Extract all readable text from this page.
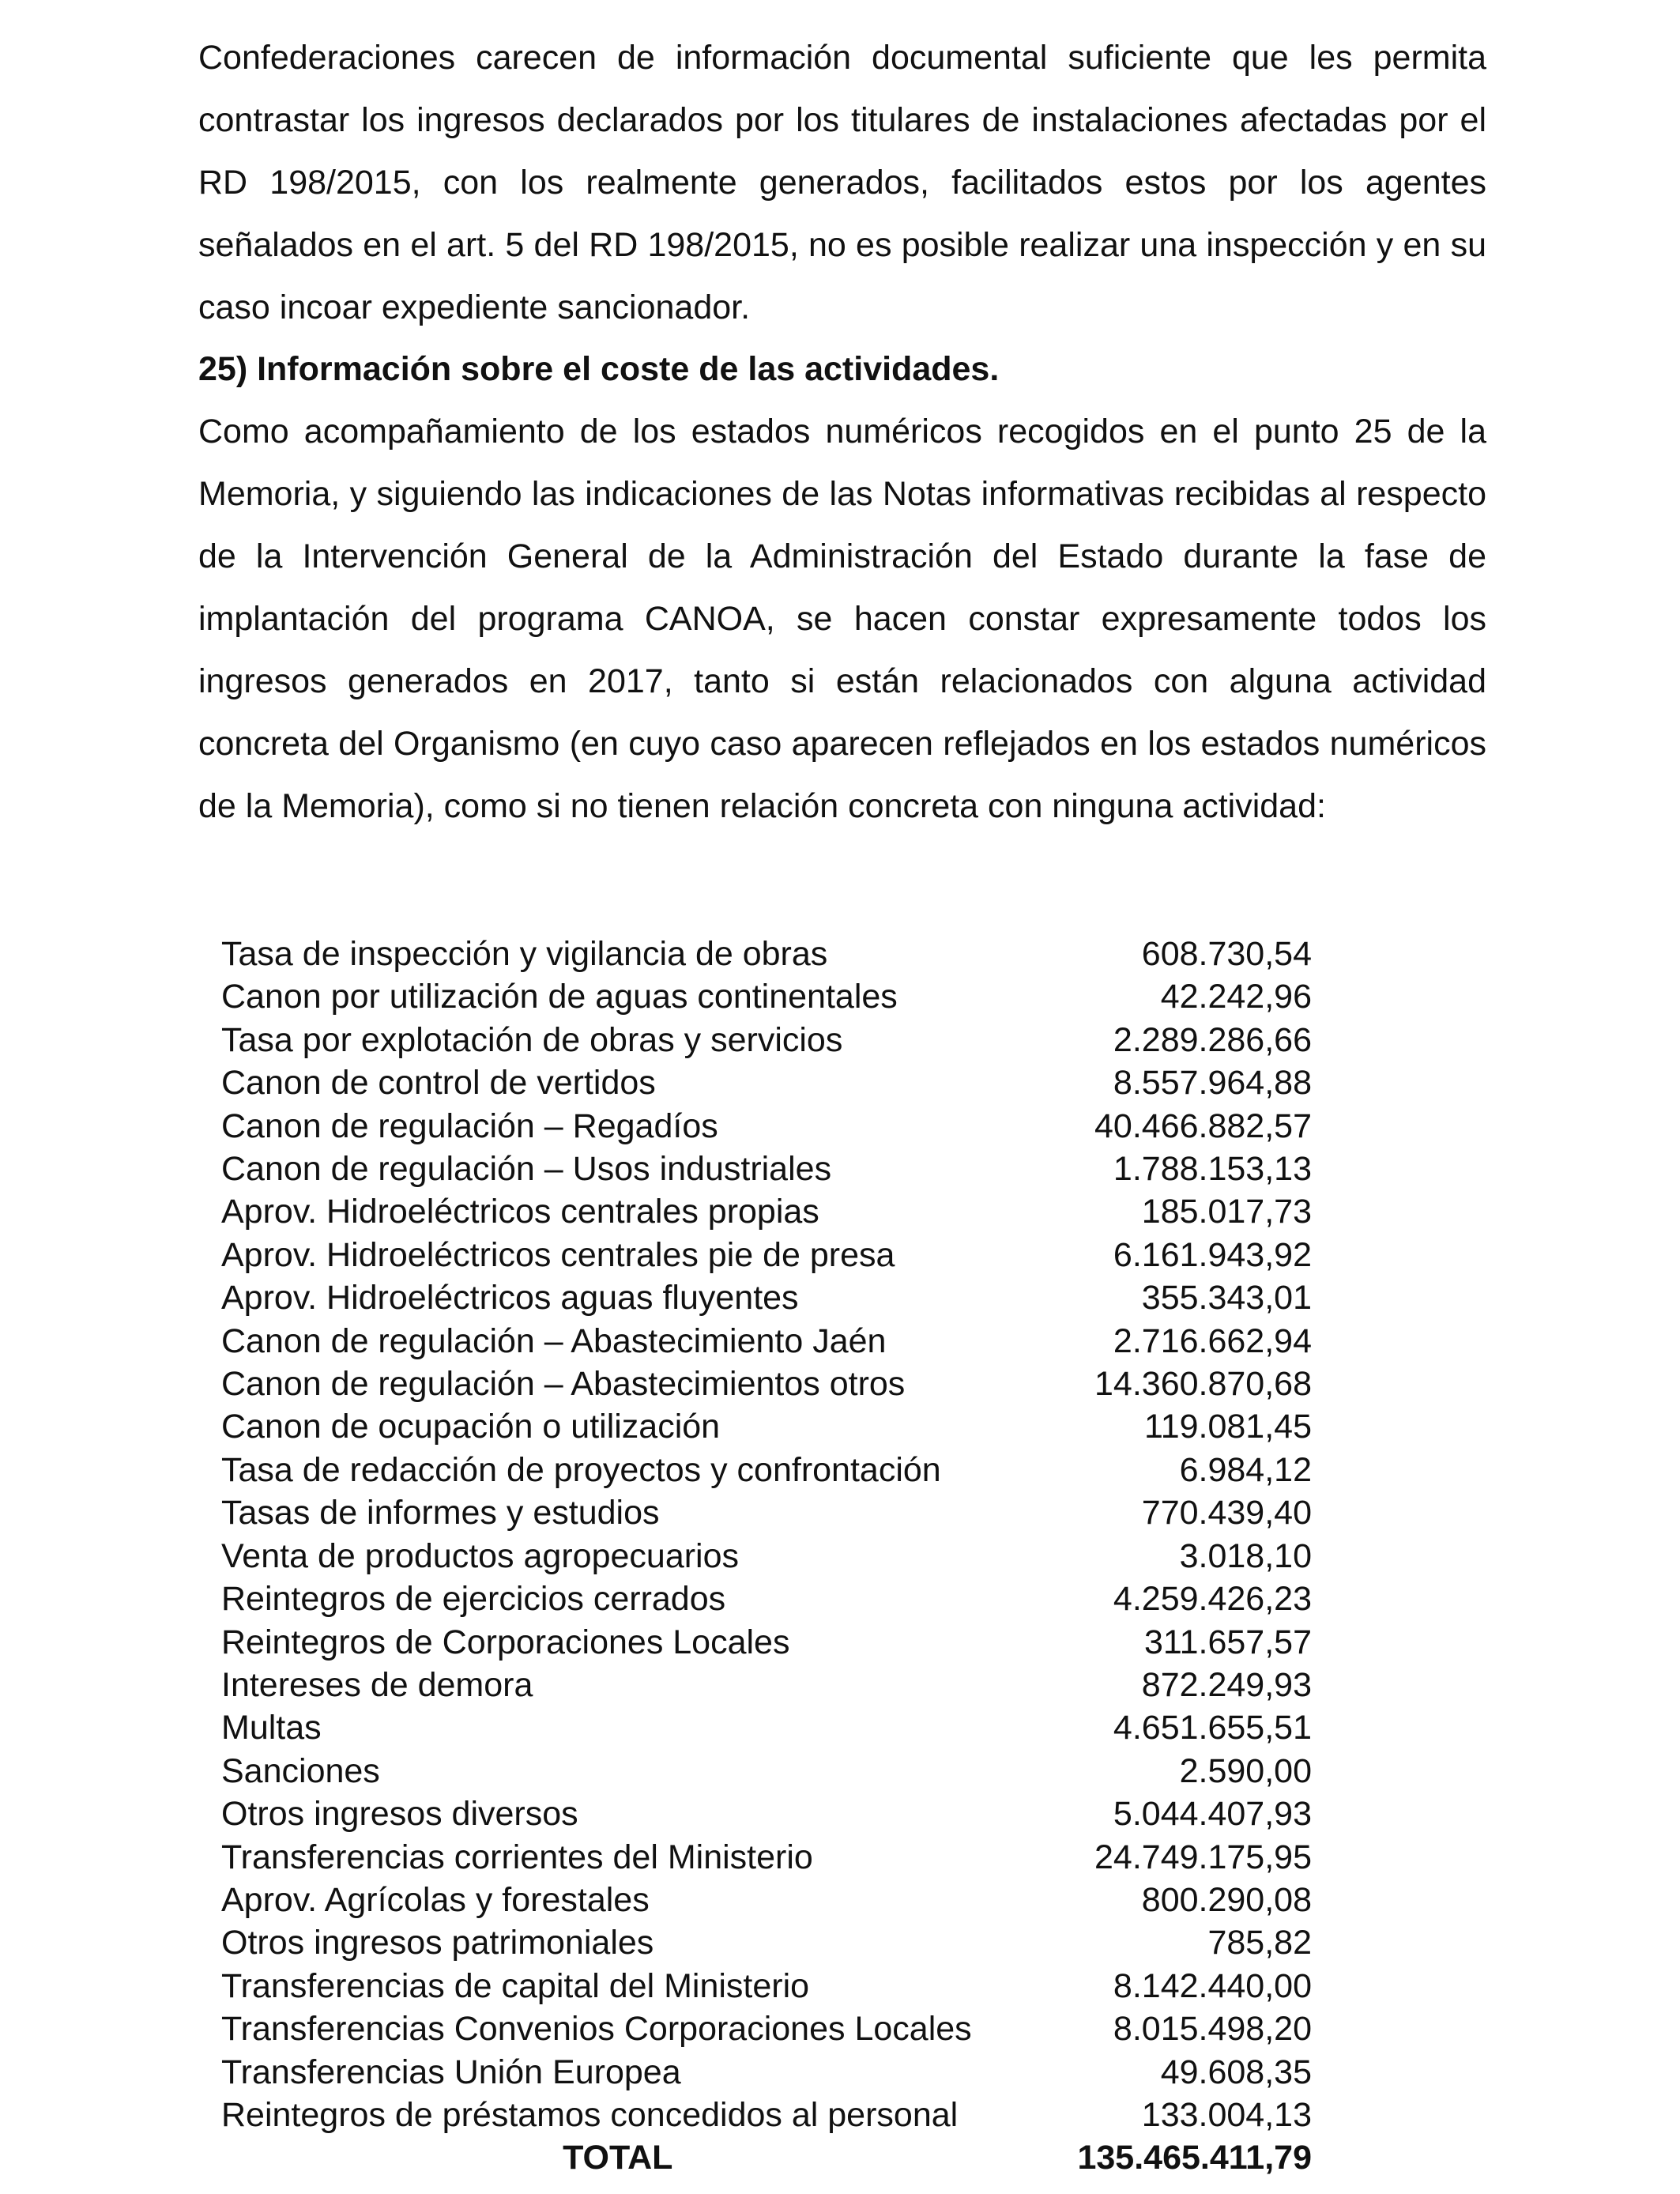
Confederaciones carecen de información documental suficiente que les permita contrastar los ingresos declarados por los titulares de instalaciones afectadas por el RD 198/2015, con los realmente generados, facilitados estos por los agentes señalados en el art. 5 del RD 198/2015, no es posible realizar una inspección y en su caso incoar expediente sancionador.

25) Información sobre el coste de las actividades.

Como acompañamiento de los estados numéricos recogidos en el punto 25 de la Memoria, y siguiendo las indicaciones de las Notas informativas recibidas al respecto de la Intervención General de la Administración del Estado durante la fase de implantación del programa CANOA, se hacen constar expresamente todos los ingresos generados en 2017, tanto si están relacionados con alguna actividad concreta del Organismo (en cuyo caso aparecen reflejados en los estados numéricos de la Memoria), como si no tienen relación concreta con ninguna actividad:

Tasa de inspección y vigilancia de obras	608.730,54
Canon por utilización de aguas continentales	42.242,96
Tasa por explotación de obras y servicios	2.289.286,66
Canon de control de vertidos	8.557.964,88
Canon de regulación – Regadíos	40.466.882,57
Canon de regulación – Usos industriales	1.788.153,13
Aprov. Hidroeléctricos centrales propias	185.017,73
Aprov. Hidroeléctricos centrales pie de presa	6.161.943,92
Aprov. Hidroeléctricos aguas fluyentes	355.343,01
Canon de regulación – Abastecimiento Jaén	2.716.662,94
Canon de regulación – Abastecimientos otros	14.360.870,68
Canon de ocupación o utilización	119.081,45
Tasa de redacción de proyectos y confrontación	6.984,12
Tasas de informes y estudios	770.439,40
Venta de productos agropecuarios	3.018,10
Reintegros de ejercicios cerrados	4.259.426,23
Reintegros de Corporaciones Locales	311.657,57
Intereses de demora	872.249,93
Multas	4.651.655,51
Sanciones	2.590,00
Otros ingresos diversos	5.044.407,93
Transferencias corrientes del Ministerio	24.749.175,95
Aprov. Agrícolas y forestales	800.290,08
Otros ingresos patrimoniales	785,82
Transferencias de capital del Ministerio	8.142.440,00
Transferencias Convenios Corporaciones Locales	8.015.498,20
Transferencias Unión Europea	49.608,35
Reintegros de préstamos concedidos al personal	133.004,13
TOTAL	135.465.411,79
